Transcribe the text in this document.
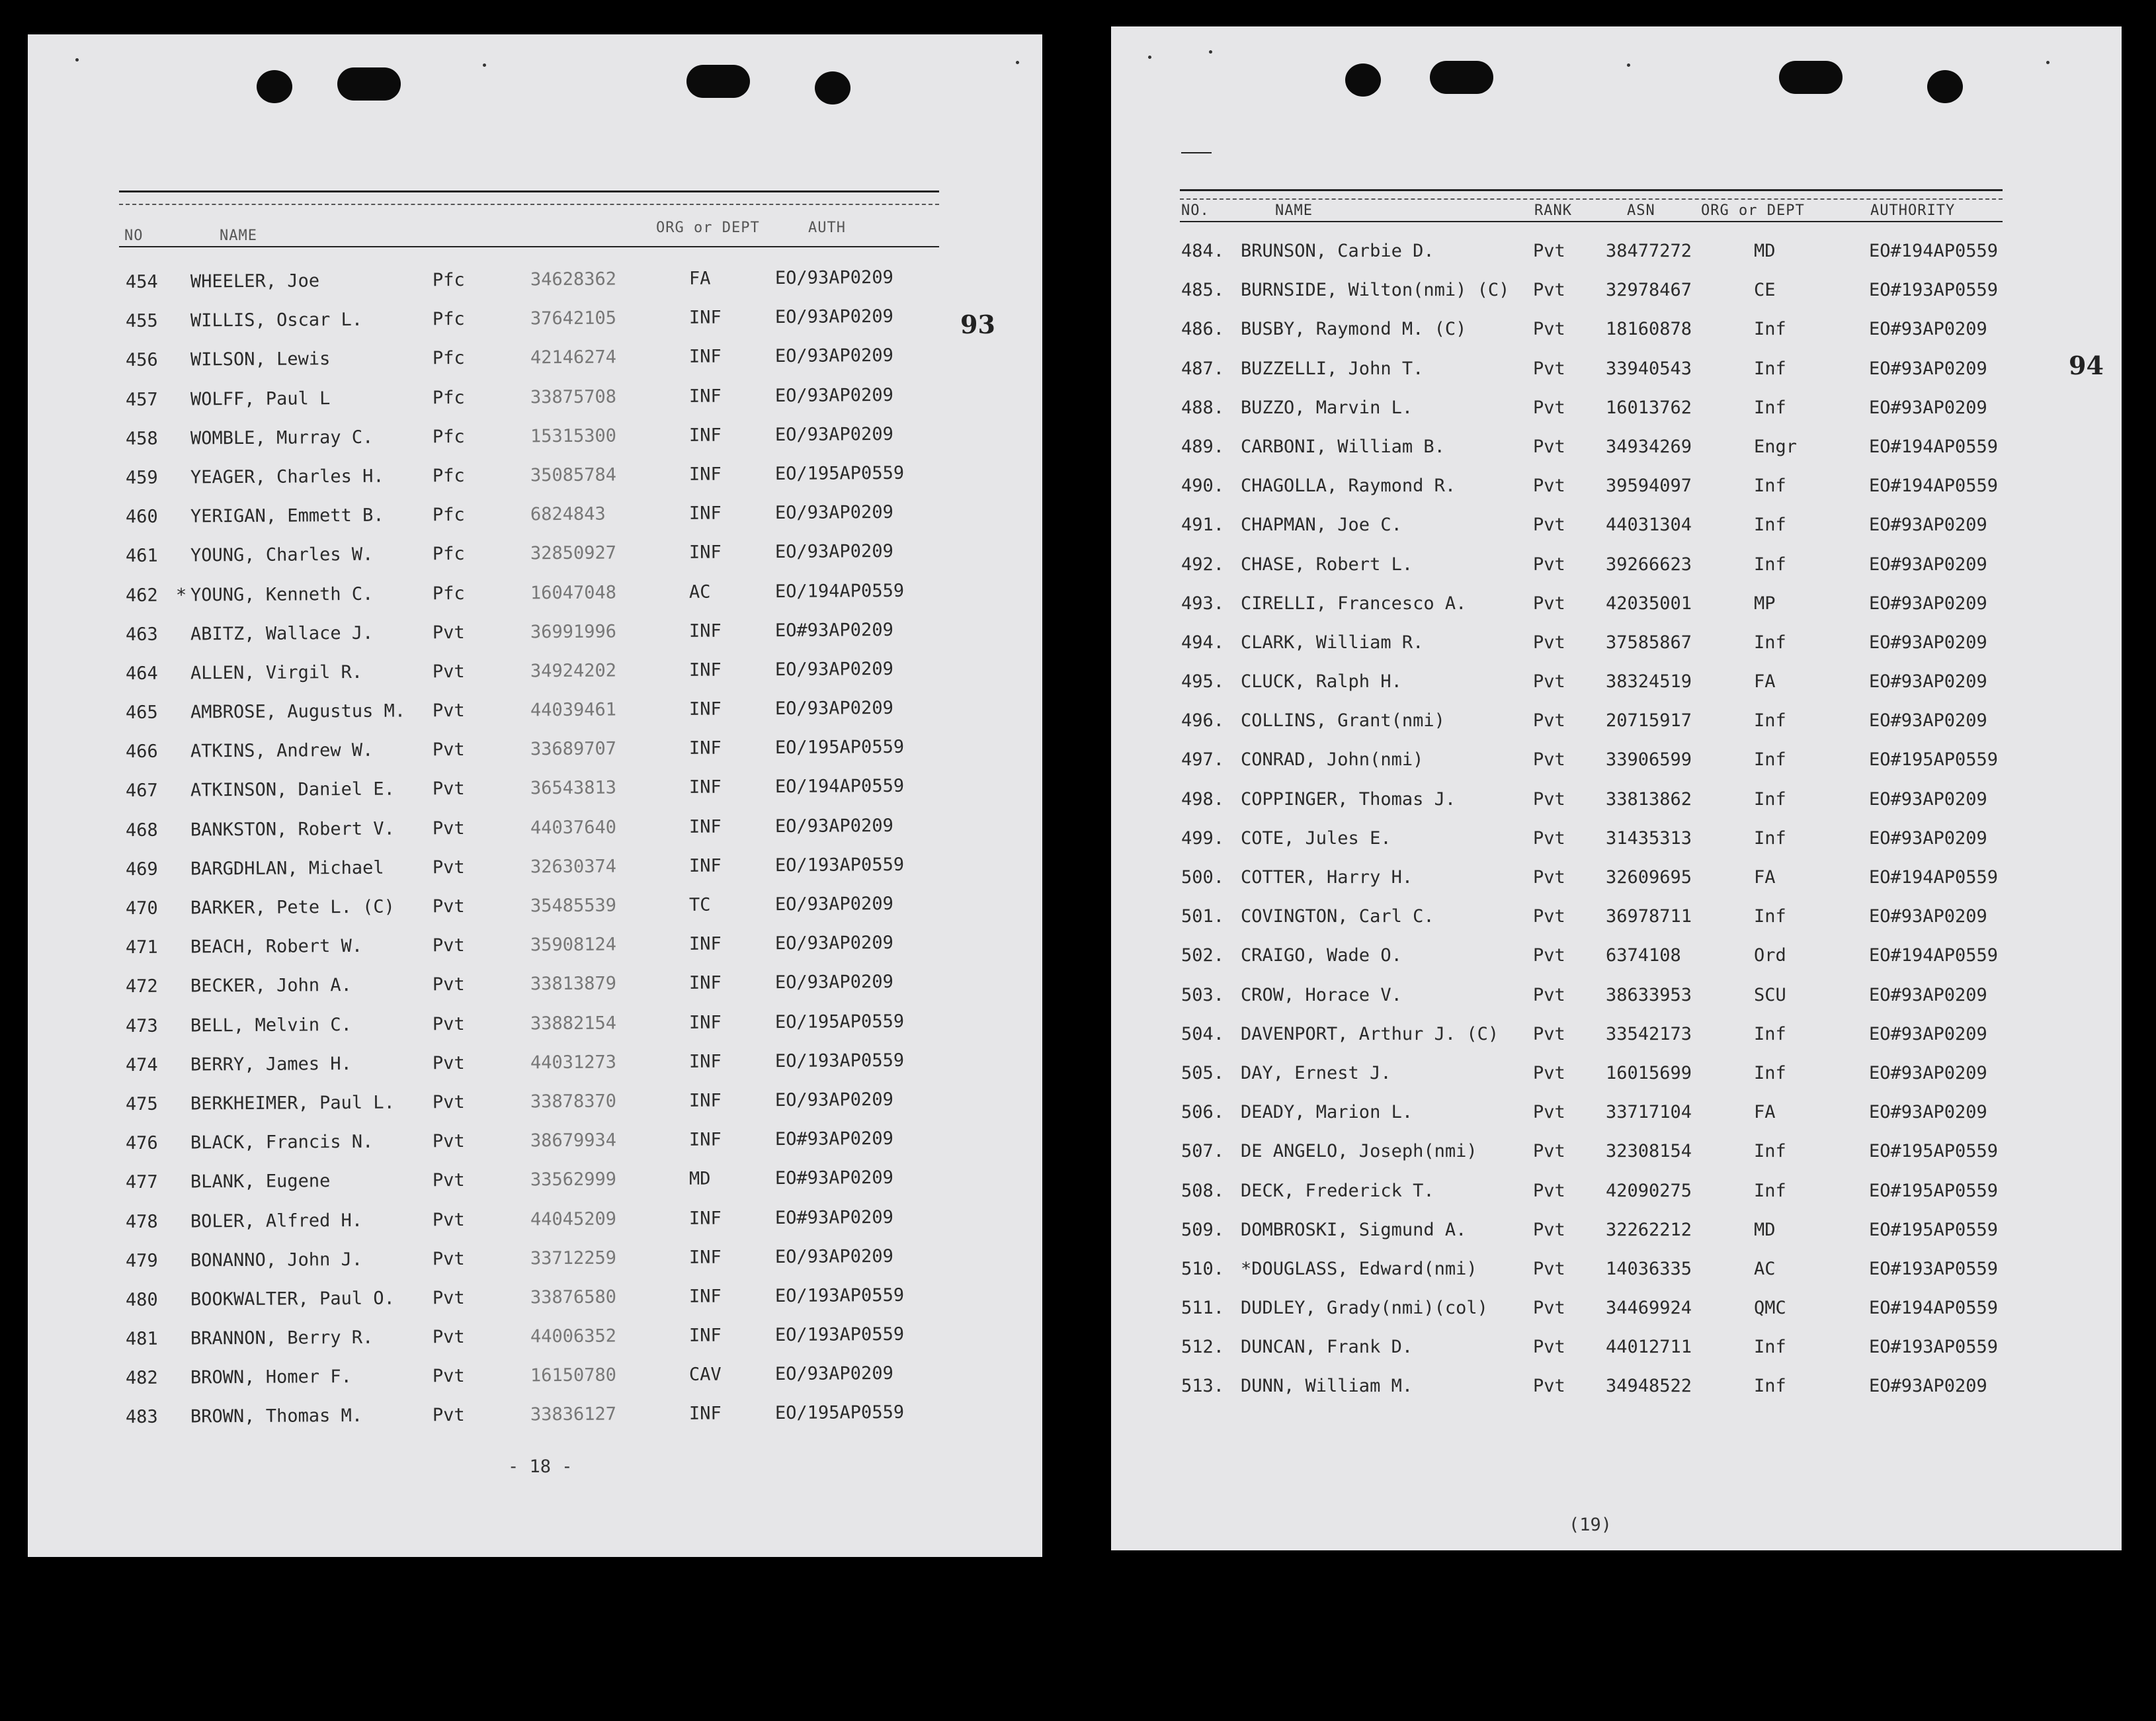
NO	NAME	ORG or DEPT	AUTH
93
454 WHEELER, Joe	Pfc	34628362	FA	EO/93AP0209
455 WILLIS, Oscar L.	Pfc	37642105	INF	EO/93AP0209
456 WILSON, Lewis	Pfc	42146274	INF	EO/93AP0209
457 WOLFF, Paul L	Pfc	33875708	INF	EO/93AP0209
458 WOMBLE, Murray C.	Pfc	15315300	INF	EO/93AP0209
459 YEAGER, Charles H.	Pfc	35085784	INF	EO/195AP0559
460 YERIGAN, Emmett B.	Pfc	6824843	INF	EO/93AP0209
461 YOUNG, Charles W.	Pfc	32850927	INF	EO/93AP0209
462 * YOUNG, Kenneth C.	Pfc	16047048	AC	EO/194AP0559
463 ABITZ, Wallace J.	Pvt	36991996	INF	EO#93AP0209
464 ALLEN, Virgil R.	Pvt	34924202	INF	EO/93AP0209
465 AMBROSE, Augustus M. Pvt	44039461	INF	EO/93AP0209
466 ATKINS, Andrew W.	Pvt	33689707	INF	EO/195AP0559
467 ATKINSON, Daniel E. Pvt	36543813	INF	EO/194AP0559
468 BANKSTON, Robert V. Pvt	44037640	INF	EO/93AP0209
469 BARGDHLAN, Michael	Pvt	32630374	INF	EO/193AP0559
470 BARKER, Pete L. (C) Pvt	35485539	TC	EO/93AP0209
471 BEACH, Robert W.	Pvt	35908124	INF	EO/93AP0209
472 BECKER, John A.	Pvt	33813879	INF	EO/93AP0209
473 BELL, Melvin C.	Pvt	33882154	INF	EO/195AP0559
474 BERRY, James H.	Pvt	44031273	INF	EO/193AP0559
475 BERKHEIMER, Paul L. Pvt	33878370	INF	EO/93AP0209
476 BLACK, Francis N.	Pvt	38679934	INF	EO#93AP0209
477 BLANK, Eugene	Pvt	33562999	MD	EO#93AP0209
478 BOLER, Alfred H.	Pvt	44045209	INF	EO#93AP0209
479 BONANNO, John J.	Pvt	33712259	INF	EO/93AP0209
480 BOOKWALTER, Paul O. Pvt	33876580	INF	EO/193AP0559
481 BRANNON, Berry R.	Pvt	44006352	INF	EO/193AP0559
482 BROWN, Homer F.	Pvt	16150780	CAV	EO/93AP0209
483 BROWN, Thomas M.	Pvt	33836127	INF	EO/195AP0559
- 18 -
NO.	NAME	RANK	ASN	ORG or DEPT	AUTHORITY
94
484. BRUNSON, Carbie D.	Pvt 38477272	MD	EO#194AP0559
485. BURNSIDE, Wilton(nmi) (C) Pvt 32978467	CE	EO#193AP0559
486. BUSBY, Raymond M. (C)	Pvt 18160878	Inf	EO#93AP0209
487. BUZZELLI, John T.	Pvt 33940543	Inf	EO#93AP0209
488. BUZZO, Marvin L.	Pvt 16013762	Inf	EO#93AP0209
489. CARBONI, William B.	Pvt 34934269	Engr	EO#194AP0559
490. CHAGOLLA, Raymond R.	Pvt 39594097	Inf	EO#194AP0559
491. CHAPMAN, Joe C.	Pvt 44031304	Inf	EO#93AP0209
492. CHASE, Robert L.	Pvt 39266623	Inf	EO#93AP0209
493. CIRELLI, Francesco A.	Pvt 42035001	MP	EO#93AP0209
494. CLARK, William R.	Pvt 37585867	Inf	EO#93AP0209
495. CLUCK, Ralph H.	Pvt 38324519	FA	EO#93AP0209
496. COLLINS, Grant(nmi)	Pvt 20715917	Inf	EO#93AP0209
497. CONRAD, John(nmi)	Pvt 33906599	Inf	EO#195AP0559
498. COPPINGER, Thomas J.	Pvt 33813862	Inf	EO#93AP0209
499. COTE, Jules E.	Pvt 31435313	Inf	EO#93AP0209
500. COTTER, Harry H.	Pvt 32609695	FA	EO#194AP0559
501. COVINGTON, Carl C.	Pvt 36978711	Inf	EO#93AP0209
502. CRAIGO, Wade O.	Pvt 6374108	Ord	EO#194AP0559
503. CROW, Horace V.	Pvt 38633953	SCU	EO#93AP0209
504. DAVENPORT, Arthur J. (C) Pvt 33542173	Inf	EO#93AP0209
505. DAY, Ernest J.	Pvt 16015699	Inf	EO#93AP0209
506. DEADY, Marion L.	Pvt 33717104	FA	EO#93AP0209
507. DE ANGELO, Joseph(nmi)	Pvt 32308154	Inf	EO#195AP0559
508. DECK, Frederick T.	Pvt 42090275	Inf	EO#195AP0559
509. DOMBROSKI, Sigmund A.	Pvt 32262212	MD	EO#195AP0559
510. *DOUGLASS, Edward(nmi)	Pvt 14036335	AC	EO#193AP0559
511. DUDLEY, Grady(nmi)(col)	Pvt 34469924	QMC	EO#194AP0559
512. DUNCAN, Frank D.	Pvt 44012711	Inf	EO#193AP0559
513. DUNN, William M.	Pvt 34948522	Inf	EO#93AP0209
(19)
